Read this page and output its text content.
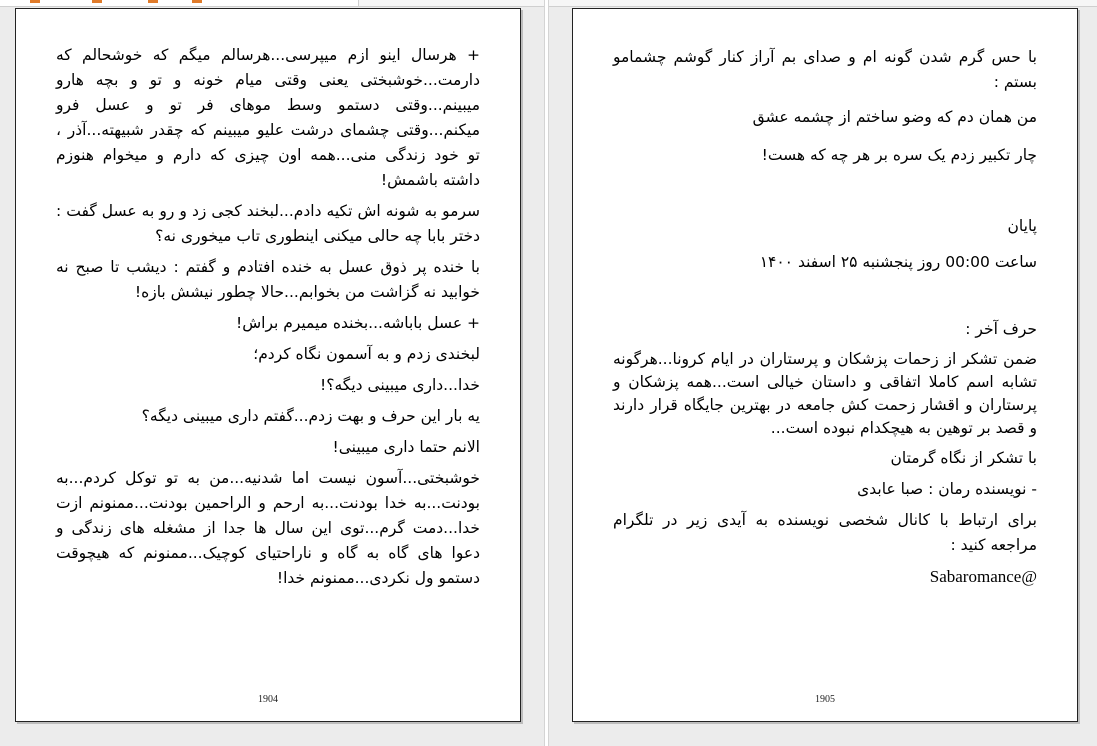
+ هرسال اینو ازم میپرسی...هرسالم میگم که خوشحالم که دارمت...خوشبختی یعنی وقتی میام خونه و تو و بچه هارو میبینم...وقتی دستمو وسط موهای فر تو و عسل فرو میکنم...وقتی چشمای درشت علیو میبینم که چقدر شبیهته...آذر ، تو خود زندگی منی...همه اون چیزی که دارم و میخوام هنوزم داشته باشمش!

سرمو به شونه اش تکیه دادم...لبخند کجی زد و رو به عسل گفت : دختر بابا چه حالی میکنی اینطوری تاب میخوری نه؟

با خنده پر ذوق عسل به خنده افتادم و گفتم : دیشب تا صبح نه خوابید نه گزاشت من بخوابم...حالا چطور نیشش بازه!

+ عسل باباشه...بخنده میمیرم براش!

لبخندی زدم و به آسمون نگاه کردم؛

خدا...داری میبینی دیگه؟!

یه بار این حرف و بهت زدم...گفتم داری میبینی دیگه؟

الانم حتما داری میبینی!

خوشبختی...آسون نیست اما شدنیه...من به تو توکل کردم...به بودنت...به خدا بودنت...به ارحم و الراحمین بودنت...ممنونم ازت خدا...دمت گرم...توی این سال ها جدا از مشغله های زندگی و دعوا های گاه به گاه و ناراحتیای کوچیک...ممنونم که هیچوقت دستمو ول نکردی...ممنونم خدا!

1904

با حس گرم شدن گونه ام و صدای بم آراز کنار گوشم چشمامو بستم :

من همان دم که وضو ساختم از چشمه عشق

چار تکبیر زدم یک سره بر هر چه که هست!

پایان

ساعت 00:00 روز پنجشنبه ۲۵ اسفند ۱۴۰۰

حرف آخر :

ضمن تشکر از زحمات پزشکان و پرستاران در ایام کرونا...هرگونه تشابه اسم کاملا اتفاقی و داستان خیالی است...همه پزشکان و پرستاران و اقشار زحمت کش جامعه در بهترین جایگاه قرار دارند و قصد بر توهین به هیچکدام نبوده است...

با تشکر از نگاه گرمتان

- نویسنده رمان : صبا عابدی

برای ارتباط با کانال شخصی نویسنده به آیدی زیر در تلگرام مراجعه کنید :

Sabaromance@

1905
